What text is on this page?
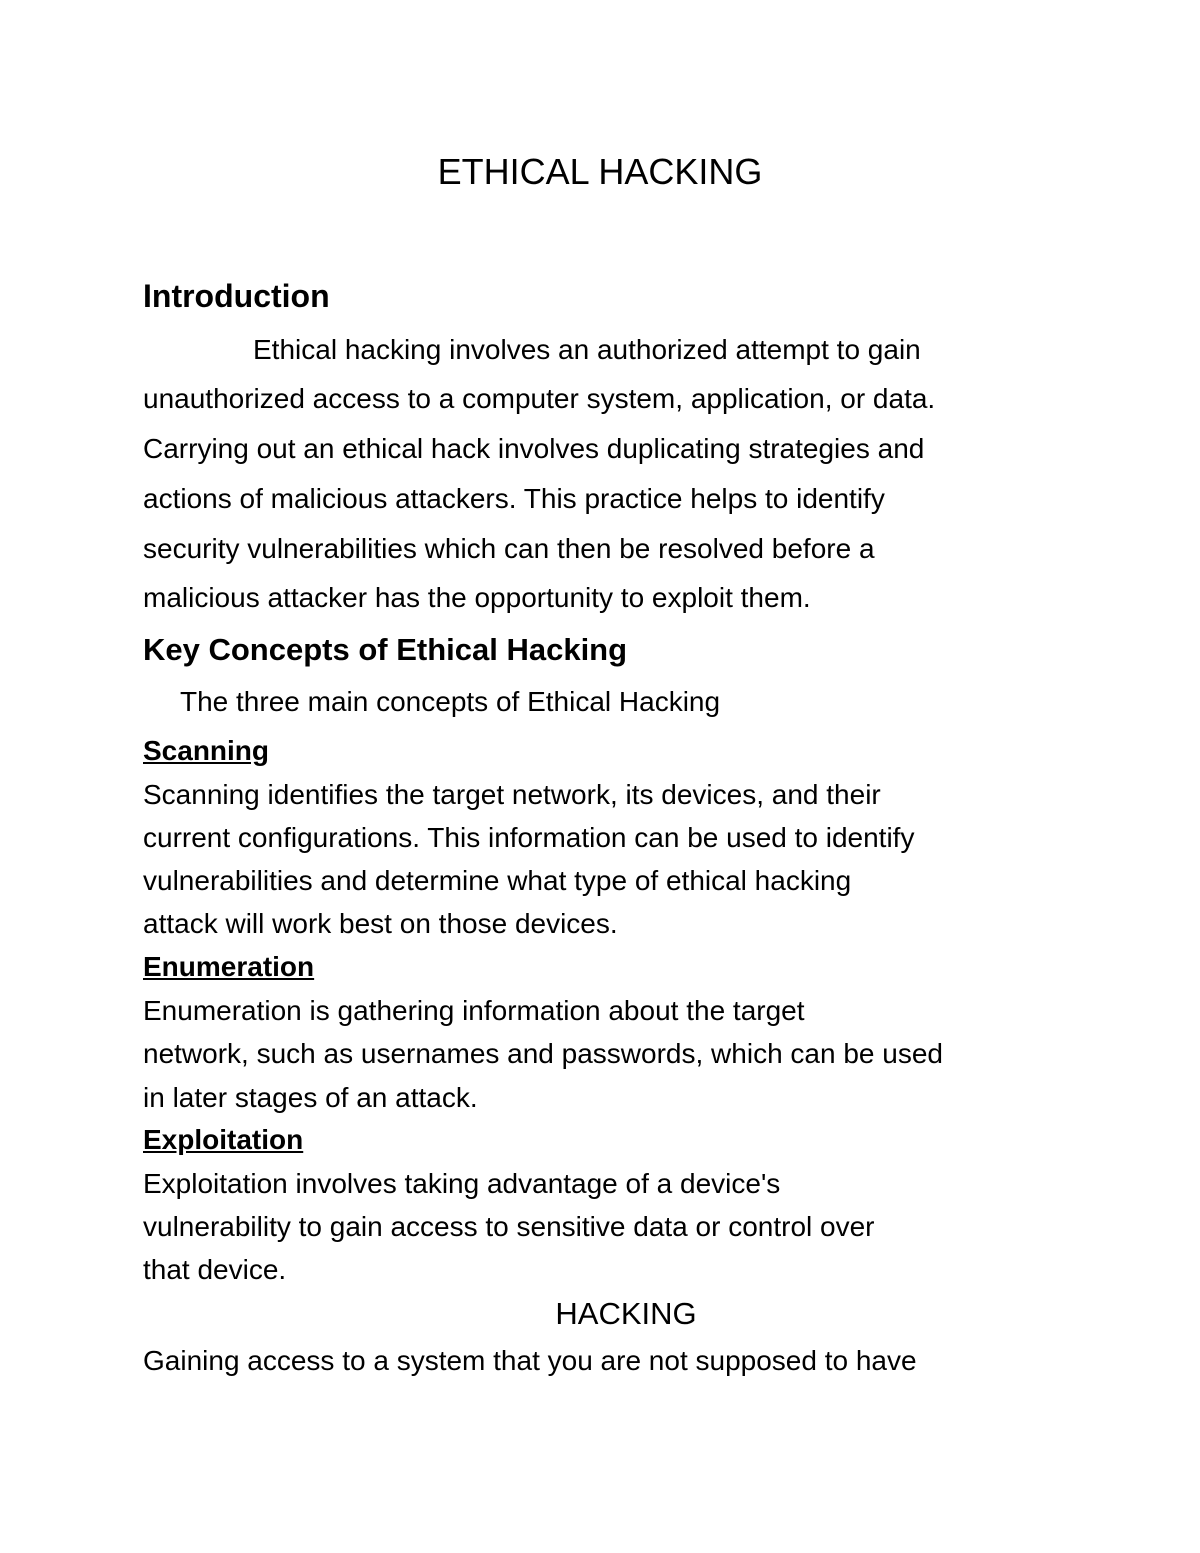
ETHICAL HACKING
Introduction
Ethical hacking involves an authorized attempt to gain
unauthorized access to a computer system, application, or data.
Carrying out an ethical hack involves duplicating strategies and
actions of malicious attackers. This practice helps to identify
security vulnerabilities which can then be resolved before a
malicious attacker has the opportunity to exploit them.
Key Concepts of Ethical Hacking
The three main concepts of Ethical Hacking
Scanning
Scanning identifies the target network, its devices, and their
current configurations. This information can be used to identify
vulnerabilities and determine what type of ethical hacking
attack will work best on those devices.
Enumeration
Enumeration is gathering information about the target
network, such as usernames and passwords, which can be used
in later stages of an attack.
Exploitation
Exploitation involves taking advantage of a device's
vulnerability to gain access to sensitive data or control over
that device.
HACKING
Gaining access to a system that you are not supposed to have
